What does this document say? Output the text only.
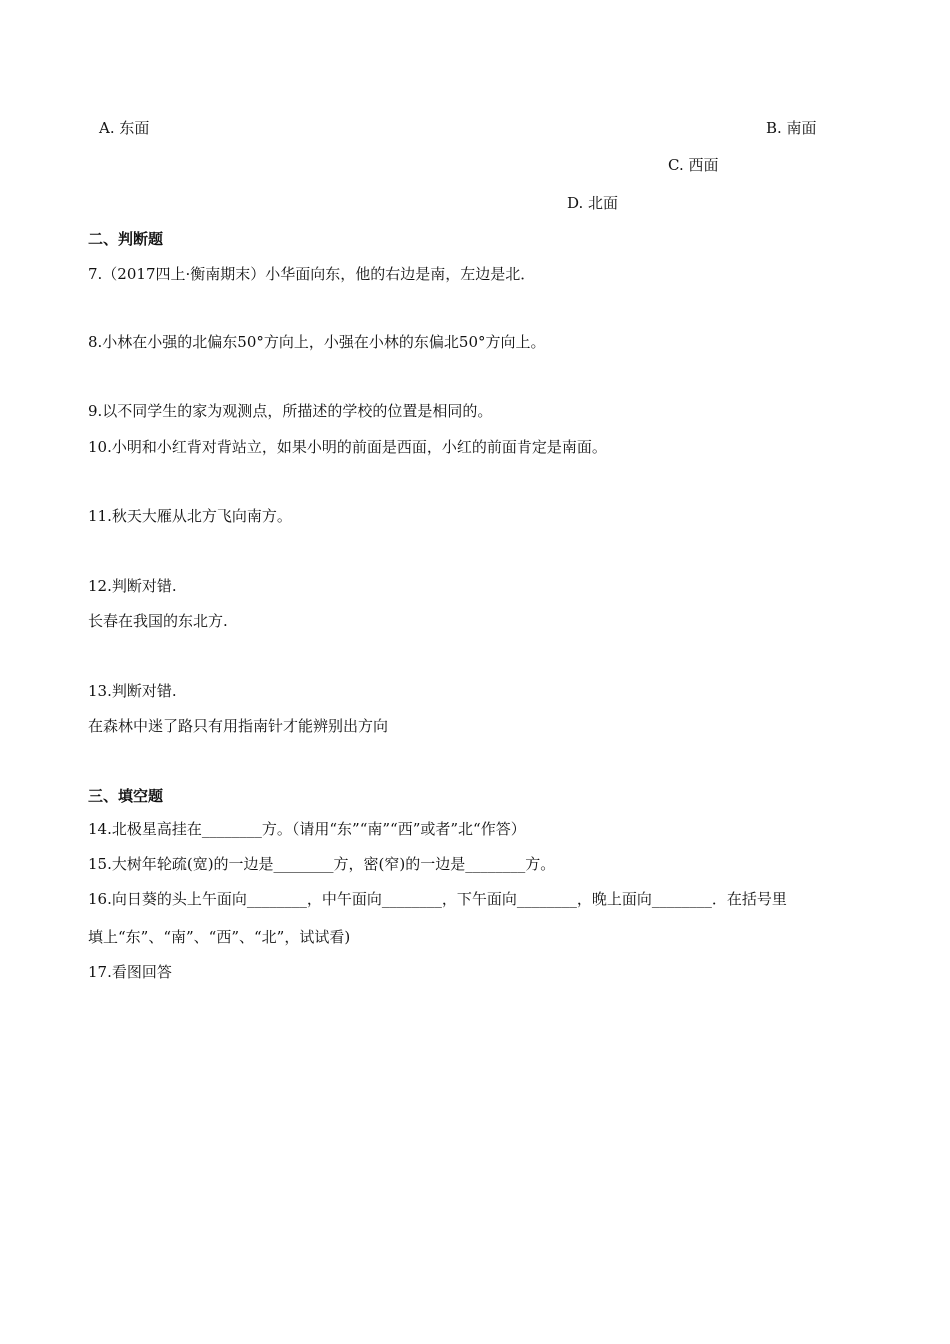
A. 东面	B. 南面
C. 西面
D. 北面
二、判断题
7.（2017四上·衡南期末）小华面向东，他的右边是南，左边是北．
8.小林在小强的北偏东50°方向上，小强在小林的东偏北50°方向上。
9.以不同学生的家为观测点，所描述的学校的位置是相同的。
10.小明和小红背对背站立，如果小明的前面是西面，小红的前面肯定是南面。
11.秋天大雁从北方飞向南方。
12.判断对错.
长春在我国的东北方.
13.判断对错.
在森林中迷了路只有用指南针才能辨别出方向
三、填空题
14.北极星高挂在________方。（请用“东”“南”“西”或者”北“作答）
15.大树年轮疏(宽)的一边是________方，密(窄)的一边是________方。
16.向日葵的头上午面向________，中午面向________，下午面向________，晚上面向________．在括号里
填上“东”、“南”、“西”、“北”，试试看)
17.看图回答
